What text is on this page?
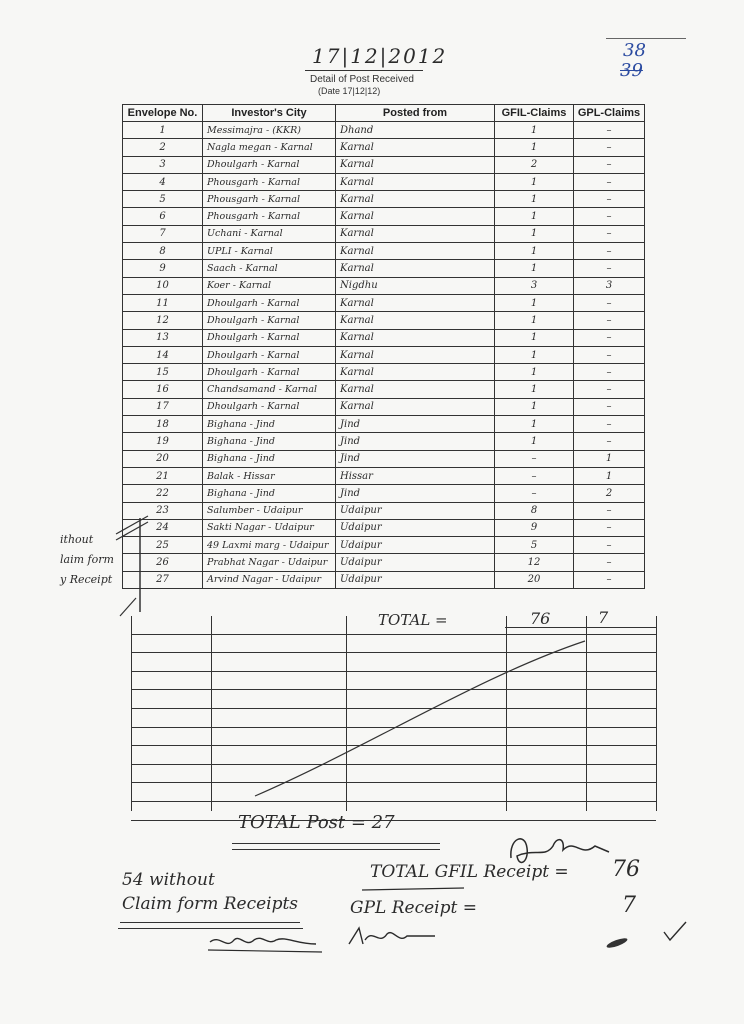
17|12|2012
Detail of Post Received
(Date 17|12|12)
38
39
Envelope No.	Investor's City	Posted from	GFIL-Claims	GPL-Claims
1	Messimajra - (KKR)	Dhand	1	–
2	Nagla megan - Karnal	Karnal	1	–
3	Dhoulgarh - Karnal	Karnal	2	–
4	Phousgarh - Karnal	Karnal	1	–
5	Phousgarh - Karnal	Karnal	1	–
6	Phousgarh - Karnal	Karnal	1	–
7	Uchani - Karnal	Karnal	1	–
8	UPLI - Karnal	Karnal	1	–
9	Saach - Karnal	Karnal	1	–
10	Koer - Karnal	Nigdhu	3	3
11	Dhoulgarh - Karnal	Karnal	1	–
12	Dhoulgarh - Karnal	Karnal	1	–
13	Dhoulgarh - Karnal	Karnal	1	–
14	Dhoulgarh - Karnal	Karnal	1	–
15	Dhoulgarh - Karnal	Karnal	1	–
16	Chandsamand - Karnal	Karnal	1	–
17	Dhoulgarh - Karnal	Karnal	1	–
18	Bighana - Jind	Jind	1	–
19	Bighana - Jind	Jind	1	–
20	Bighana - Jind	Jind	–	1
21	Balak - Hissar	Hissar	–	1
22	Bighana - Jind	Jind	–	2
23	Salumber - Udaipur	Udaipur	8	–
24	Sakti Nagar - Udaipur	Udaipur	9	–
25	49 Laxmi marg - Udaipur	Udaipur	5	–
26	Prabhat Nagar - Udaipur	Udaipur	12	–
27	Arvind Nagar - Udaipur	Udaipur	20	–
TOTAL =	76	7
ithout
laim form
y Receipt
TOTAL Post = 27
54 without
Claim form Receipts
TOTAL GFIL Receipt = 76
GPL Receipt =	7
